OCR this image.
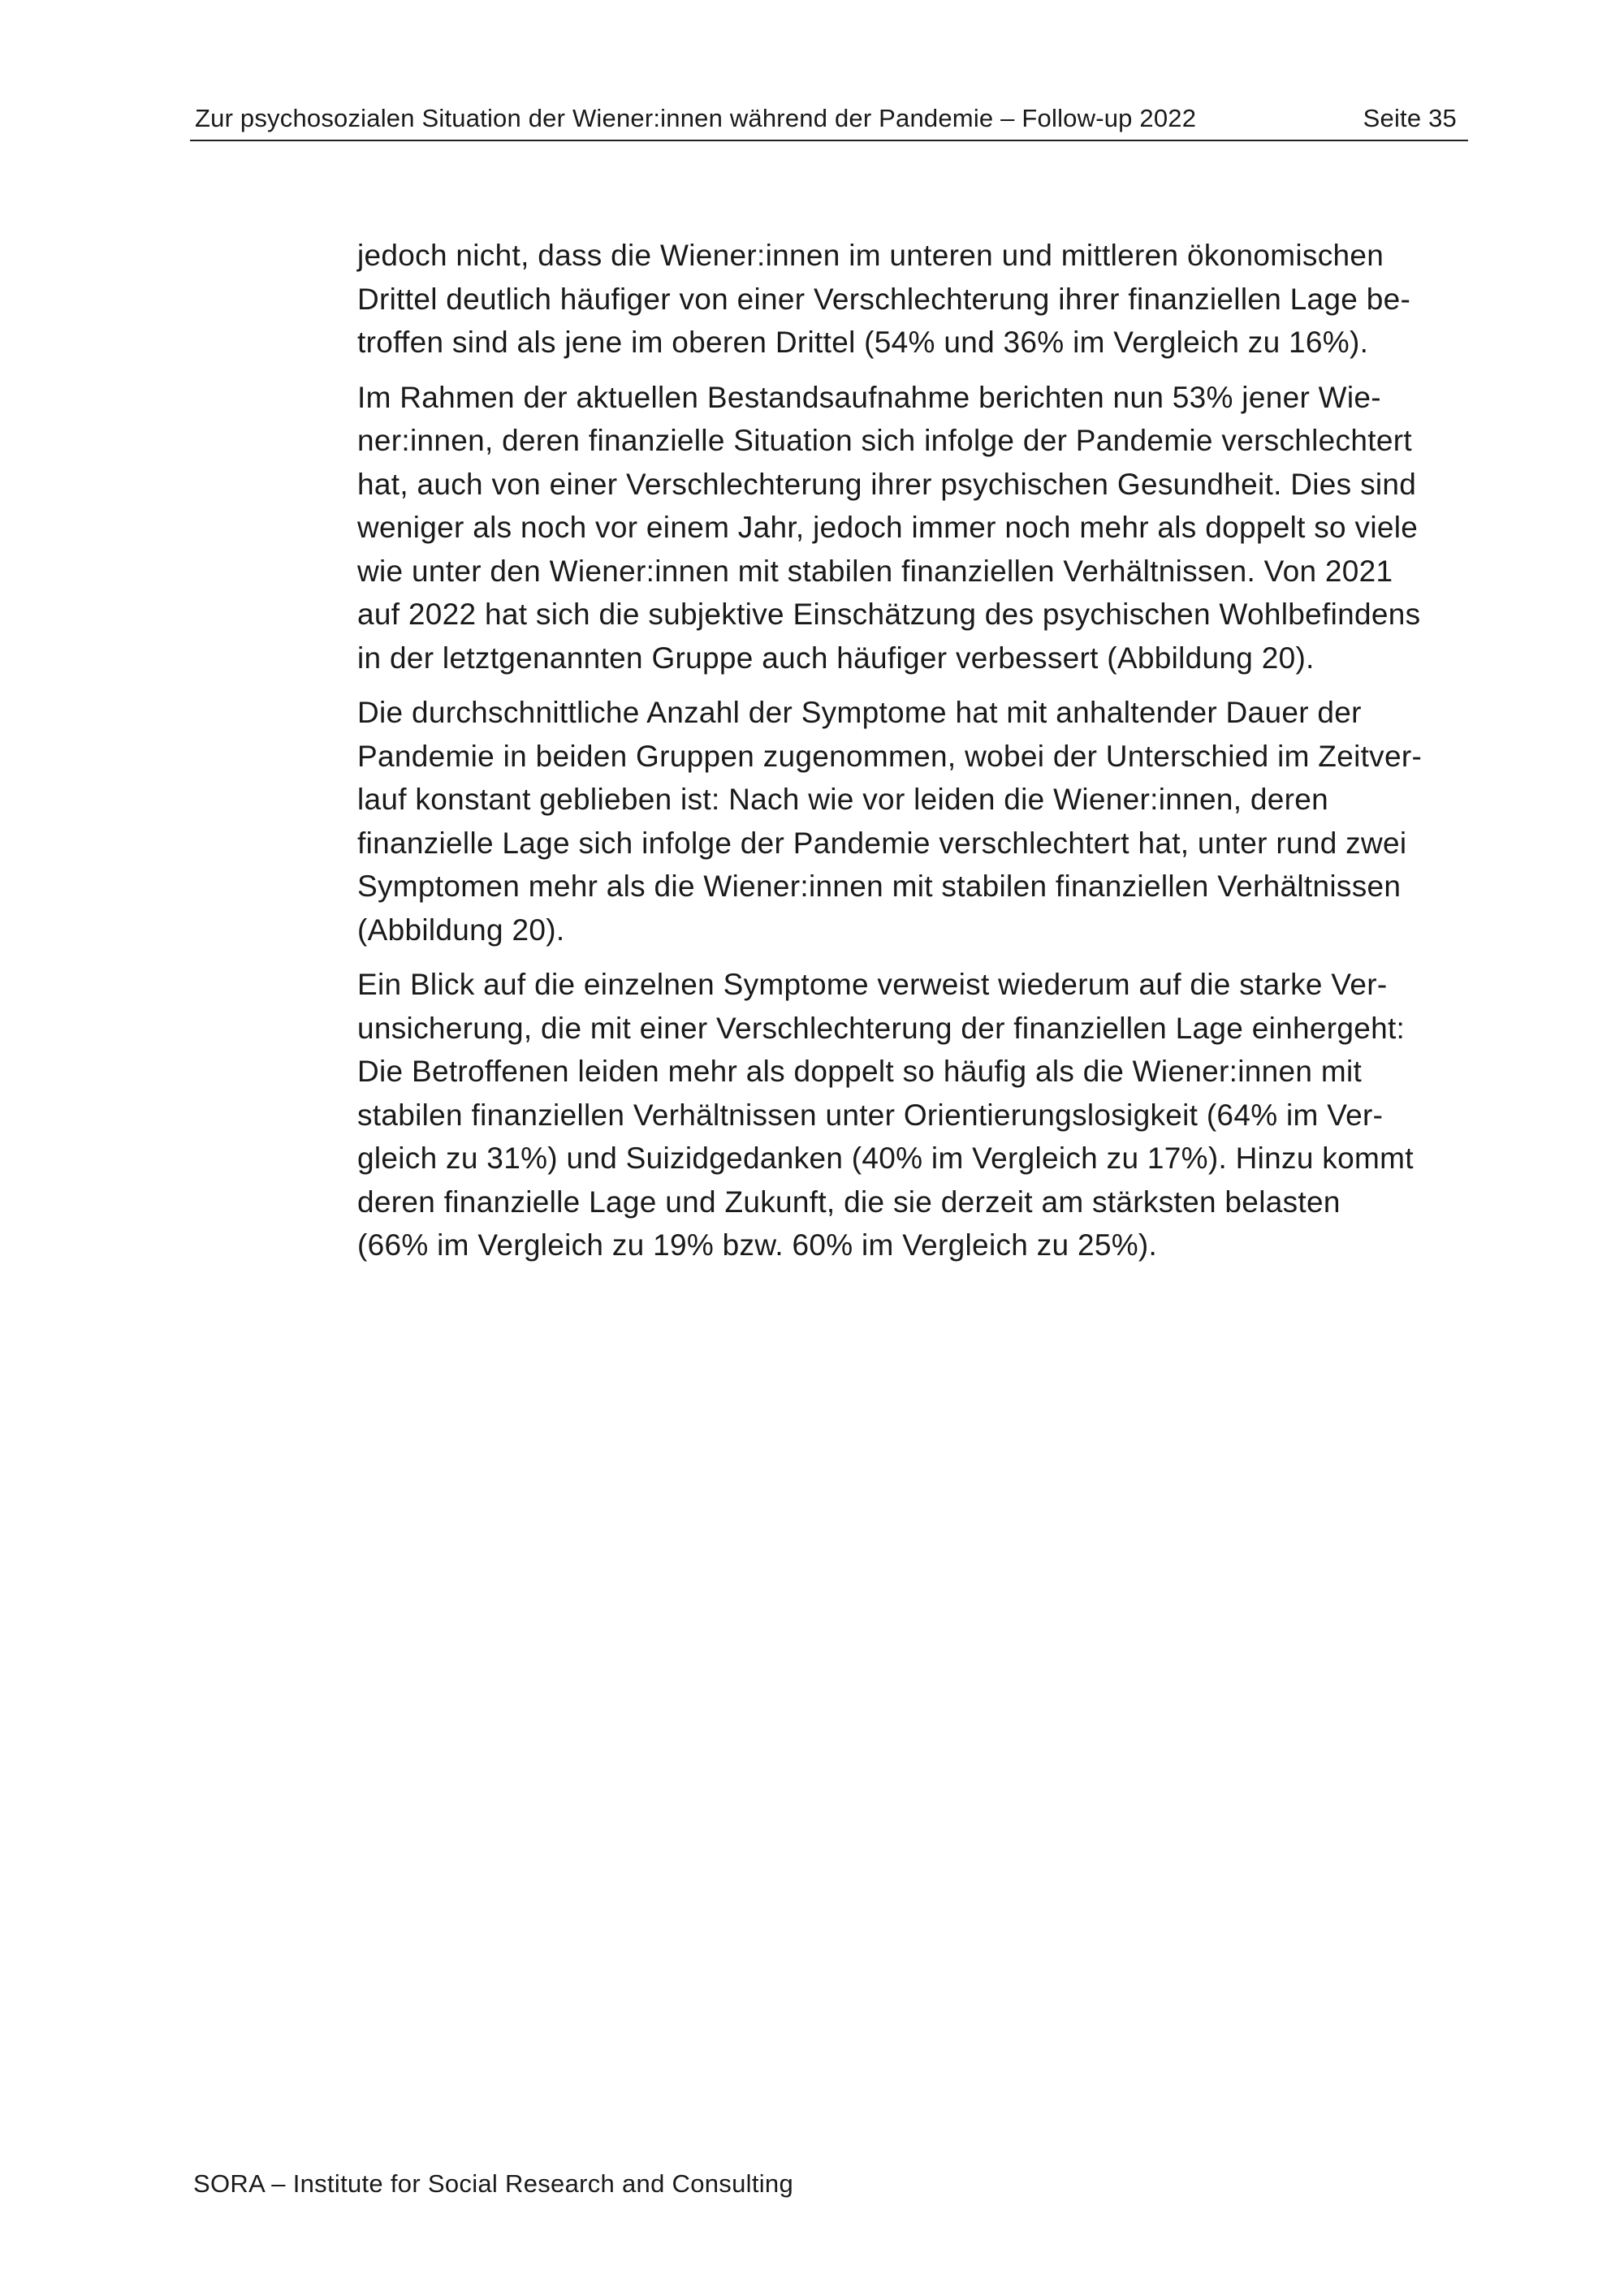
Zur psychosozialen Situation der Wiener:innen während der Pandemie – Follow-up 2022	Seite 35

jedoch nicht, dass die Wiener:innen im unteren und mittleren ökonomischen
Drittel deutlich häufiger von einer Verschlechterung ihrer finanziellen Lage be-
troffen sind als jene im oberen Drittel (54% und 36% im Vergleich zu 16%).

Im Rahmen der aktuellen Bestandsaufnahme berichten nun 53% jener Wie-
ner:innen, deren finanzielle Situation sich infolge der Pandemie verschlechtert
hat, auch von einer Verschlechterung ihrer psychischen Gesundheit. Dies sind
weniger als noch vor einem Jahr, jedoch immer noch mehr als doppelt so viele
wie unter den Wiener:innen mit stabilen finanziellen Verhältnissen. Von 2021
auf 2022 hat sich die subjektive Einschätzung des psychischen Wohlbefindens
in der letztgenannten Gruppe auch häufiger verbessert (Abbildung 20).

Die durchschnittliche Anzahl der Symptome hat mit anhaltender Dauer der
Pandemie in beiden Gruppen zugenommen, wobei der Unterschied im Zeitver-
lauf konstant geblieben ist: Nach wie vor leiden die Wiener:innen, deren
finanzielle Lage sich infolge der Pandemie verschlechtert hat, unter rund zwei
Symptomen mehr als die Wiener:innen mit stabilen finanziellen Verhältnissen
(Abbildung 20).

Ein Blick auf die einzelnen Symptome verweist wiederum auf die starke Ver-
unsicherung, die mit einer Verschlechterung der finanziellen Lage einhergeht:
Die Betroffenen leiden mehr als doppelt so häufig als die Wiener:innen mit
stabilen finanziellen Verhältnissen unter Orientierungslosigkeit (64% im Ver-
gleich zu 31%) und Suizidgedanken (40% im Vergleich zu 17%). Hinzu kommt
deren finanzielle Lage und Zukunft, die sie derzeit am stärksten belasten
(66% im Vergleich zu 19% bzw. 60% im Vergleich zu 25%).

SORA – Institute for Social Research and Consulting
